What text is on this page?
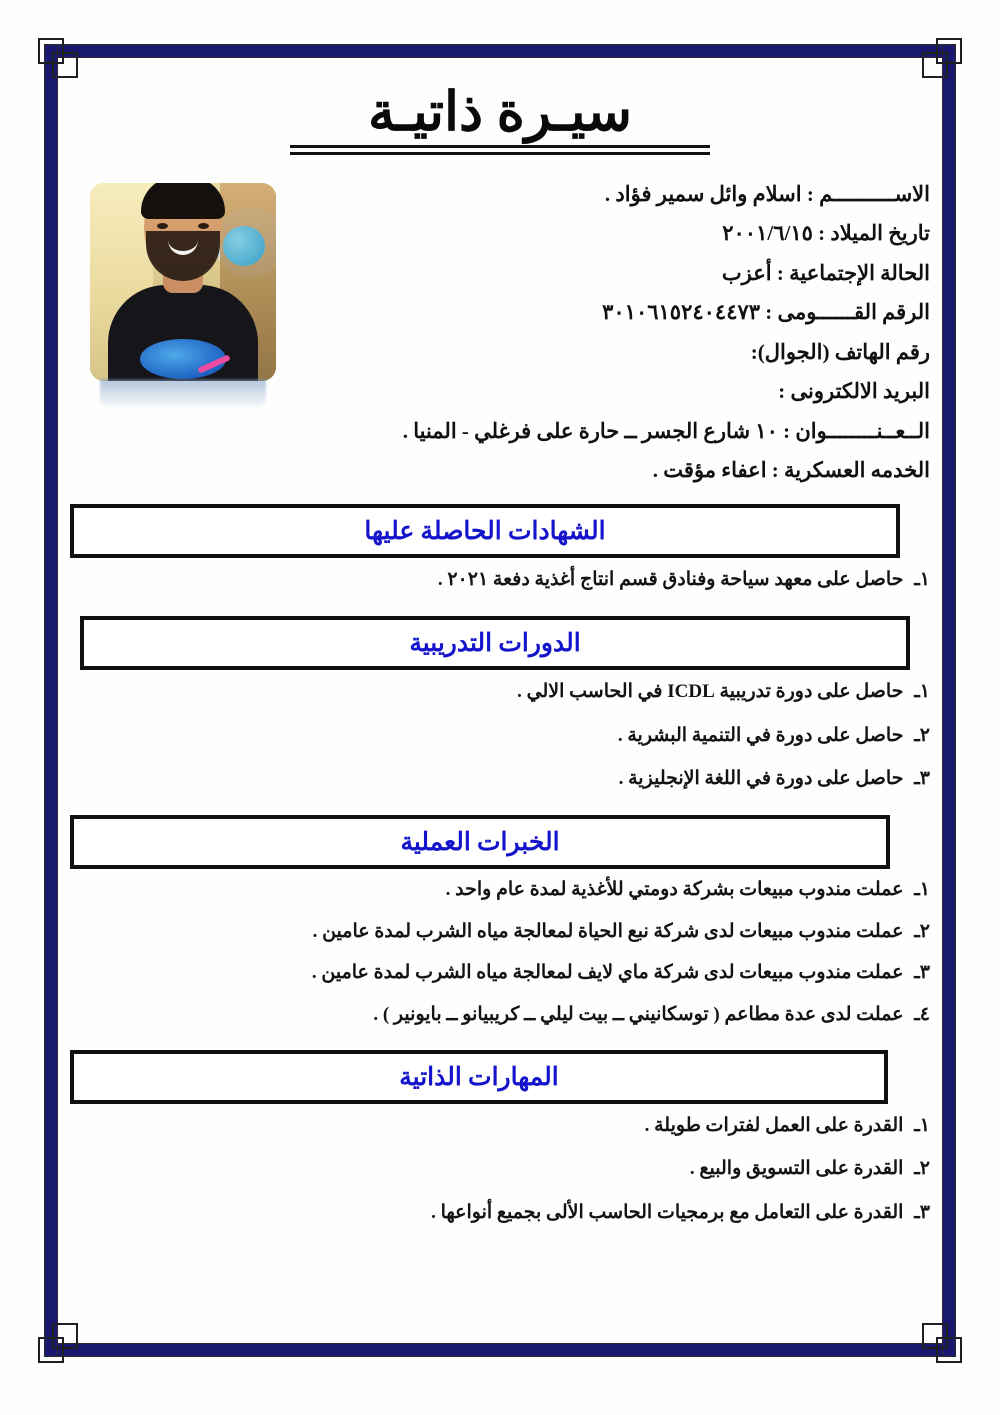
سيـرة ذاتيـة
الاســــــــــم : اسلام وائل سمير فؤاد .
تاريخ الميلاد : ٢٠٠١/٦/١٥
الحالة الإجتماعية : أعزب
الرقم القــــــومى : ٣٠١٠٦١٥٢٤٠٤٤٧٣
رقم الهاتف (الجوال):
البريد الالكترونى :
الــعــنــــــــوان : ١٠ شارع الجسر ــ حارة على فرغلي - المنيا .
الخدمه العسكرية : اعفاء مؤقت .
الشهادات الحاصلة عليها
١ـ حاصل على معهد سياحة وفنادق قسم انتاج أغذية دفعة ٢٠٢١ .
الدورات التدريبية
١ـ حاصل على دورة تدريبية ICDL في الحاسب الالي .
٢ـ حاصل على دورة في التنمية البشرية .
٣ـ حاصل على دورة في اللغة الإنجليزية .
الخبرات العملية
١ـ عملت مندوب مبيعات بشركة دومتي للأغذية لمدة عام واحد .
٢ـ عملت مندوب مبيعات لدى شركة نبع الحياة لمعالجة مياه الشرب لمدة عامين .
٣ـ عملت مندوب مبيعات لدى شركة ماي لايف لمعالجة مياه الشرب لمدة عامين .
٤ـ عملت لدى عدة مطاعم ( توسكانيني ــ بيت ليلي ــ كريبيانو ــ بايونير ) .
المهارات الذاتية
١ـ القدرة على العمل لفترات طويلة .
٢ـ القدرة على التسويق والبيع .
٣ـ القدرة على التعامل مع برمجيات الحاسب الألى بجميع أنواعها .
